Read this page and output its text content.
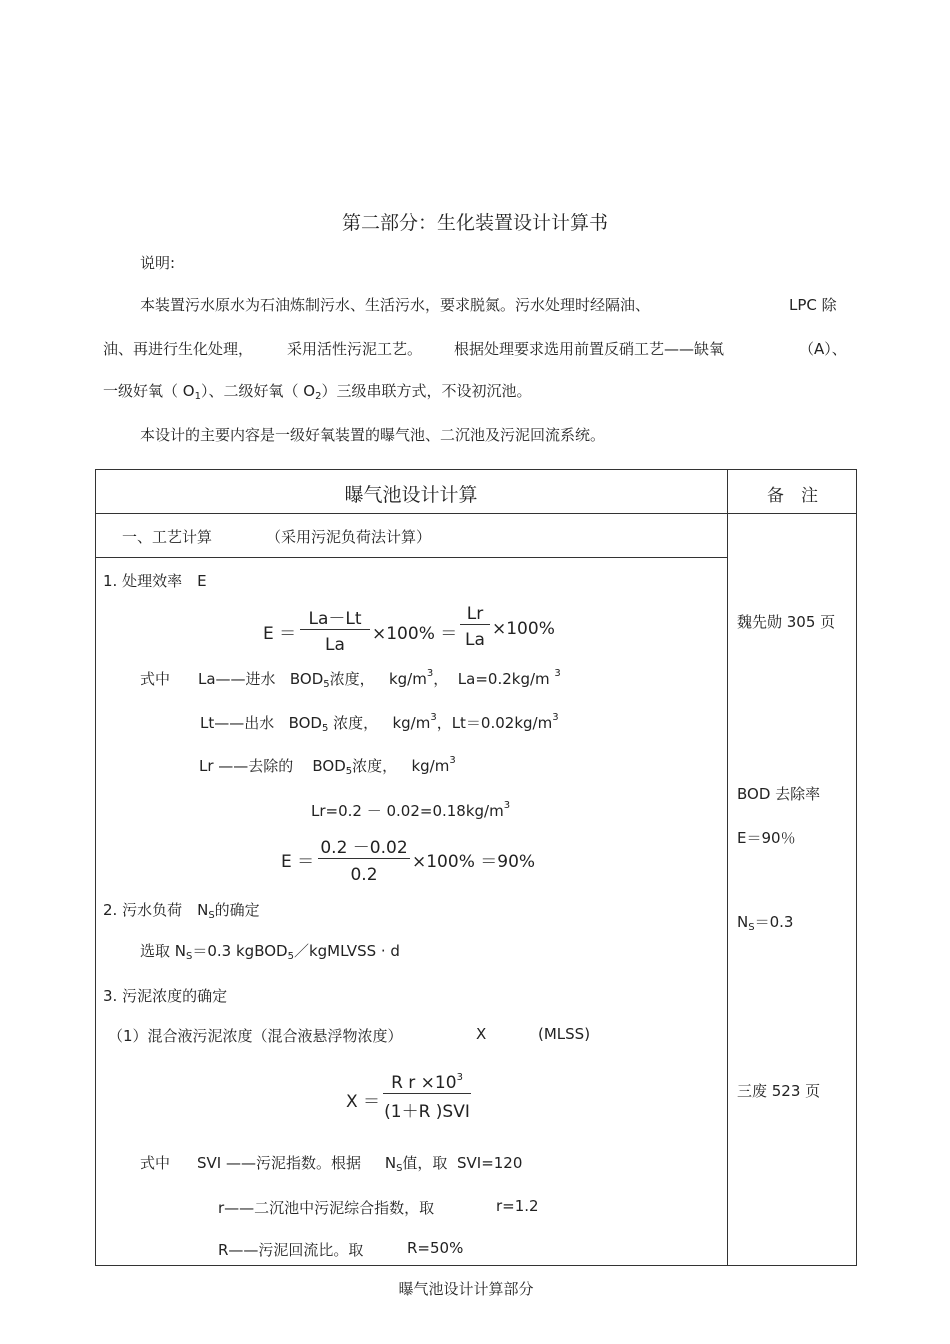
第二部分：生化装置设计计算书
说明:
本装置污水原水为石油炼制污水、生活污水，要求脱氮。污水处理时经隔油、	LPC 除
油、再进行生化处理， 采用活性污泥工艺。 根据处理要求选用前置反硝工艺——缺氧	（A）、
一级好氧（ $O_1$）、二级好氧（ $O_2$）三级串联方式，不设初沉池。
本设计的主要内容是一级好氧装置的曝气池、二沉池及污泥回流系统。
曝气池设计计算	备　注
一、工艺计算	（采用污泥负荷法计算）
1. 处理效率　E
E ＝
La－Lt
La
×100% ＝
Lr
La
×100%
式中 La——进水 $BOD_5$浓度， $kg/m^3$， La=0.2kg/m $^3$
Lt——出水 $BOD_5$ 浓度， $kg/m^3$，$Lt=0.02kg/m^3$
Lr ——去除的 $BOD_5$浓度， $kg/m^3$
$Lr=0.2 - 0.02=0.18kg/m^3$
E ＝
0.2 －0.02
0.2
×100% ＝90%
2. 污水负荷　$N_S$的确定
选取 $N_S=0.3$ kgBOD$_5$／kgMLVSS · d
3. 污泥浓度的确定
（1）混合液污泥浓度（混合液悬浮物浓度）	X	(MLSS)
X ＝
R $r \times 10^3$
(1＋R )SVI
式中 SVI ——污泥指数。根据 $N_S$值，取 SVI=120
r——二沉池中污泥综合指数，取	r=1.2
R——污泥回流比。取	R=50%
魏先勋 305 页
BOD 去除率
E＝90％
$N_S=0.3$
三废 523 页
曝气池设计计算部分
